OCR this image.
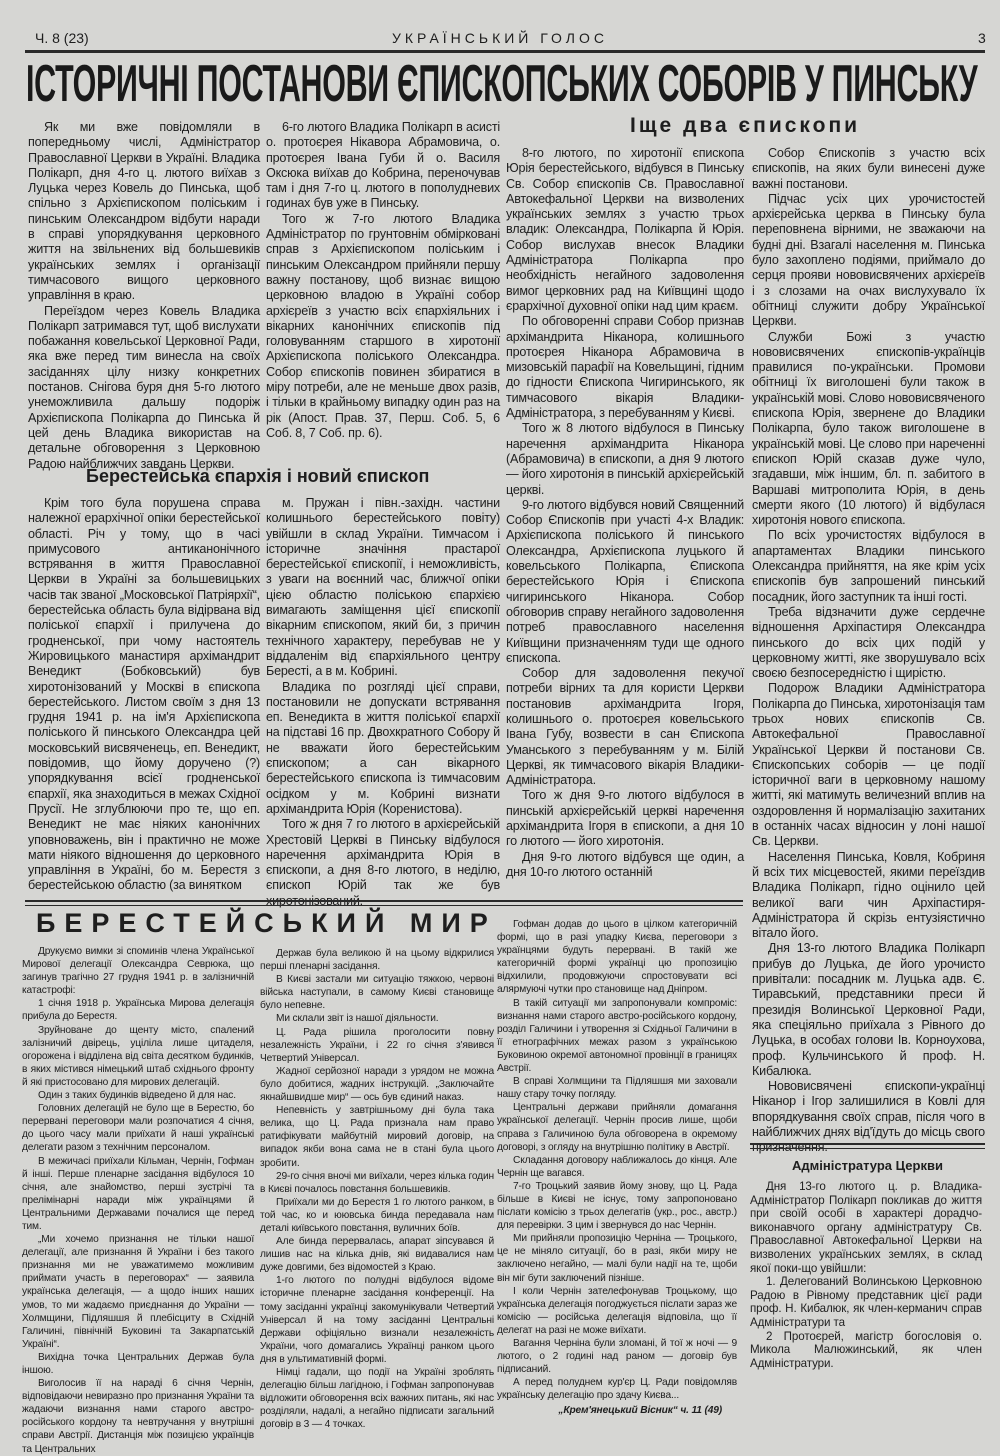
Ч. 8 (23)	УКРАЇНСЬКИЙ ГОЛОС	3
ІСТОРИЧНІ ПОСТАНОВИ ЄПИСКОПСЬКИХ СОБОРІВ У ПИНСЬКУ

Як ми вже повідомляли в попередньому числі, Адміністратор Православної Церкви в Україні. Владика Полікарп, дня 4-го ц. лютого виїхав з Луцька через Ковель до Пинська, щоб спільно з Архієпископом поліським і пинським Олександром відбути наради в справі упорядкування церковного життя на звільнених від большевиків українських землях і організації тимчасового вищого церковного управління в краю.

Переїздом через Ковель Владика Полікарп затримався тут, щоб вислухати побажання ковельської Церковної Ради, яка вже перед тим винесла на своїх засіданнях цілу низку конкретних постанов. Снігова буря дня 5-го лютого унеможливила дальшу подоріж Архієпископа Полікарпа до Пинська й цей день Владика використав на детальне обговорення з Церковною Радою найближчих завдань Церкви.

6-го лютого Владика Полікарп в асисті о. протоєрея Нікавора Абрамовича, о. протоєрея Івана Губи й о. Василя Оксюка виїхав до Кобрина, переночував там і дня 7-го ц. лютого в пополудневих годинах був уже в Пинську.

Того ж 7-го лютого Владика Адміністратор по грунтовнім обмірковані справ з Архієпископом поліським і пинським Олександром прийняли першу важну постанову, щоб визнає вищою церковною владою в Україні собор архієреїв з участю всіх єпархіяльних і вікарних канонічних єпископів під головуванням старшого в хиротонії Архієпископа поліського Олександра. Собор єпископів повинен збиратися в міру потреби, але не меньше двох разів, і тільки в крайньому випадку один раз на рік (Апост. Прав. 37, Перш. Соб. 5, 6 Соб. 8, 7 Соб. пр. 6).

Берестейська єпархія і новий єпископ

Крім того була порушена справа належної ерархічної опіки берестейської області. Річ у тому, що в часі примусового антиканонічного встрявання в життя Православної Церкви в Україні за большевицьких часів так званої „Московської Патріярхії“, берестейська область була відірвана від поліської єпархії і прилучена до гродненської, при чому настоятель Жировицького манастиря архімандрит Венедикт (Бобковський) був хиротонізований у Москві в єпископа берестейського. Листом своїм з дня 13 грудня 1941 р. на ім'я Архієпископа поліського й пинського Олександра цей московський висвяченець, еп. Венедикт, повідомив, що йому доручено (?) упорядкування всієї гродненської єпархії, яка знаходиться в межах Східної Прусії. Не зглублюючи про те, що еп. Венедикт не має ніяких канонічних уповноважень, він і практично не може мати ніякого відношення до церковного управління в Україні, бо м. Берестя з берестейською областю (за винятком

м. Пружан і півн.-західн. частини колишнього берестейського повіту) увійшли в склад України. Тимчасом і історичне значіння прастарої берестейської єпископії, і неможливість, з уваги на воєнний час, ближчої опіки цією областю поліською єпархією вимагають заміщення цієї єпископії вікарним єпископом, який би, з причин технічного характеру, перебував не у віддаленім від єпархіяльного центру Бересті, а в м. Кобрині.

Владика по розгляді цієї справи, постановили не допускати встрявання еп. Венедикта в життя поліської єпархії на підставі 16 пр. Двохкратного Собору й не вважати його берестейським єпископом; а сан вікарного берестейського єпископа із тимчасовим осідком у м. Кобрині визнати архімандрита Юрія (Коренистова).

Того ж дня 7 го лютого в архієрейській Хрестовій Церкві в Пинську відбулося наречення архімандрита Юрія в єпископи, а дня 8-го лютого, в неділю, єпископ Юрій так же був хиротонізований.

Іще два єпископи

8-го лютого, по хиротонії єпископа Юрія берестейського, відбувся в Пинську Св. Собор єпископів Св. Православної Автокефальної Церкви на визволених українських землях з участю трьох владик: Олександра, Полікарпа й Юрія. Собор вислухав внесок Владики Адміністратора Полікарпа про необхідність негайного задоволення вимог церковних рад на Київщині щодо єрархічної духовної опіки над цим краєм.

По обговоренні справи Собор признав архімандрита Нікaнора, колишнього протоєрея Нікaнора Абрамовича в мизовській парафії на Ковельщині, гідним до гідности Єпископа Чигиринського, як тимчасового вікарія Владики-Адміністратора, з перебуванням у Києві.

Того ж 8 лютого відбулося в Пинську наречення архімандрита Нікaнора (Абрамовича) в єпископи, а дня 9 лютого — його хиротонія в пинській архієрейській церкві.

9-го лютого відбувся новий Священний Собор Єпископів при участі 4-х Владик: Архієпископа поліського й пинського Олександра, Архієпископа луцького й ковельського Полікарпа, Єпископа берестейського Юрія і Єпископа чигиринського Нікaнора. Собор обговорив справу негайного задоволення потреб православного населення Київщини призначенням туди ще одного єпископа.

Собор для задоволення пекучої потреби вірних та для користи Церкви постановив архімандрита Ігоря, колишнього о. протоєрея ковельського Івана Губу, возвести в сан Єпископа Уманського з перебуванням у м. Білій Церкві, як тимчасового вікарія Владики-Адміністратора.

Того ж дня 9-го лютого відбулося в пинській архієрейській церкві наречення архімандрита Ігоря в єпископи, а дня 10 го лютого — його хиротонія.

Дня 9-го лютого відбувся ще один, а дня 10-го лютого останній

Собор Єпископів з участю всіх єпископів, на яких були винесені дуже важні постанови.

Підчас усіх цих урочистостей архієрейська церква в Пинську була переповнена вірними, не зважаючи на будні дні. Взагалі населення м. Пинська було захоплено подіями, приймало до серця прояви нововисвячених архієреїв і з слозами на очах вислухувало їх обітниці служити добру Української Церкви.

Служби Божі з участю нововисвячених єпископів-українців правилися по-українськи. Промови обітниці їх виголошені були також в українській мові. Слово нововисвяченого єпископа Юрія, звернене до Владики Полікарпа, було також виголошене в українській мові. Це слово при нареченні єпископ Юрій сказав дуже чуло, згадавши, між іншим, бл. п. забитого в Варшаві митрополита Юрія, в день смерти якого (10 лютого) й відбулася хиротонія нового єпископа.

По всіх урочистостях відбулося в апартаментах Владики пинського Олександра прийняття, на яке крім усіх єпископів був запрошений пинський посадник, його заступник та інші гості.

Треба відзначити дуже сердечне відношення Архіпастиря Олександра пинського до всіх цих подій у церковному житті, яке зворушувало всіх своєю безпосередністю і щирістю.

Подорож Владики Адміністратора Полікарпа до Пинська, хиротонізація там трьох нових єпископів Св. Автокефальної Православної Української Церкви й постанови Св. Єпископських соборів — це події історичної ваги в церковному нашому житті, які матимуть величезний вплив на оздоровлення й нормалізацію захитаних в останніх часах відносин у лоні нашої Св. Церкви.

Населення Пинська, Ковля, Кобриня й всіх тих місцевостей, якими переїздив Владика Полікарп, гідно оцінило цей великої ваги чин Архіпастиря-Адміністратора й скрізь ентузіястично вітало його.

Дня 13-го лютого Владика Полікарп прибув до Луцька, де його урочисто привітали: посадник м. Луцька адв. Є. Тиравський, представники преси й президія Волинської Церковної Ради, яка спеціяльно приїхала з Рівного до Луцька, в особах голови Ів. Корноухова, проф. Кульчинського й проф. Н. Кибалюка.

Нововисвячені єпископи-українці Нікaнор і Ігор залишилися в Ковлі для впорядкування своїх справ, після чого в найближчих днях від'їдуть до місць свого призначення.

БЕРЕСТЕЙСЬКИЙ МИР

Друкуємо вимки зі споминів члена Української Мирової делегації Олександра Севрюка, що загинув трагічно 27 грудня 1941 р. в залізничній катастрофі:

1 січня 1918 р. Українська Мирова делегація прибула до Берестя.

Зруйноване до щенту місто, спалений залізничий двірець, уціліла лише цитаделя, огорожена і відділена від світа десятком будинків, в яких містився німецький штаб східнього фронту й які пристосовано для мирових делегацій.

Один з таких будинків відведено й для нас.

Головних делегацій не було ще в Берестю, бо перервані переговори мали розпочатися 4 січня, до цього часу мали приїхати й наші українські делегати разом з технічним персоналом.

В межичасі приїхали Кільман, Чернін, Гофман й інші. Перше пленарне засідання відбулося 10 січня, але знайомство, перші зустрічі та прелімінарні наради між українцями й Центральними Державами почалися ще перед тим.

„Ми хочемо признання не тільки нашої делегації, але признання й України і без такого признання ми не уважатимемо можливим приймати участь в переговорах“ — заявила українська делегація, — а щодо інших наших умов, то ми жадаємо приєднання до України — Холмщини, Підляшшя й плебісциту в Східній Галичині, північній Буковині та Закарпатській Україні“.

Вихідна точка Центральних Держав була іншою.

Виголосив її на нараді 6 січня Чернін, відповідаючи невиразно про признання України та жадаючи визнання нами старого австро-російського кордону та невтручання у внутрішні справи Австрії. Дистанція між позицією українців та Центральних

Держав була великою й на цьому відкрилися перші пленарні засідання.

В Києві застали ми ситуацію тяжкою, червоні війська наступали, в самому Києві становище було непевне.

Ми склали звіт із нашої діяльности.

Ц. Рада рішила проголосити повну незалежність України, і 22 го січня з'явився Четвертий Універсал.

Жадної серйозної наради з урядом не можна було добитися, жадних інструкцій. „Заключайте якнайшвидше мир“ — ось був єдиний наказ.

Непевність у завтрішньому дні була така велика, що Ц. Рада признала нам право ратифікувати майбутній мировий договір, на випадок якби вона сама не в стані була цього зробити.

29-го січня вночі ми виїхали, через кілька годин в Києві почалось повстання большевиків.

Приїхали ми до Берестя 1 го лютого ранком, в той час, ко и юювська бинда передавала нам деталі київського повстання, вуличних боїв.

Але бинда перервалась, апарат зіпсувався й лишив нас на кілька днів, які видавалися нам дуже довгими, без відомостей з Краю.

1-го лютого по полудні відбулося відоме історичне пленарне засідання конференції. На тому засіданні українці закомунікували Четвертий Універсал й на тому засіданні Центральні Держави офіціяльно визнали незалежність України, чого домагались Українці ранком цього дня в ультимативній формі.

Німці гадали, що події на Україні зроблять делегацію більш лагідною, і Гофман запропонував відложити обговорення всіх важних питань, які нас розділяли, надалі, а негайно підписати загальний договір в 3 — 4 точках.

Гофман додав до цього в цілком категоричній формі, що в разі упадку Києва, переговори з українцями будуть перервані. В такій же категоричній формі українці цю пропозицію відхилили, продовжуючи спростовувати всі алярмуючі чутки про становище над Дніпром.

В такій ситуації ми запропонували компроміс: визнання нами старого австро-російського кордону, розділ Галичини і утворення зі Східньої Галичини в її етнографічних межах разом з українською Буковиною окремої автономної провінції в границях Австрії.

В справі Холмщини та Підляшшя ми заховали нашу стару точку погляду.

Центральні держави прийняли домагання української делегації. Чернін просив лише, щоби справа з Галичиною була обговорена в окремому договорі, з огляду на внутрішню політику в Австрії.

Складання договору наближалось до кінця. Але Чернін ще вагався.

7-го Троцький заявив йому знову, що Ц. Рада більше в Києві не існує, тому запропоновано післати комісію з трьох делегатів (укр., рос., австр.) для перевірки. З цим і звернувся до нас Чернін.

Ми прийняли пропозицію Черніна — Троцького, це не міняло ситуації, бо в разі, якби миру не заключено негайно, — малі були надії на те, щоби він міг бути заключений пізніше.

І коли Чернін зателефонував Троцькому, що українська делегація погоджується післати зараз же комісію — російська делегація відповіла, що її делегат на разі не може виїхати.

Вагання Черніна були зломані, й тої ж ночі — 9 лютого, о 2 годині над раном — договір був підписаний.

А перед полуднем кур'єр Ц. Ради повідомляв українську делегацію про здачу Києва...

„Крем'янецький Вісник“ ч. 11 (49)
Адміністратура Церкви

Дня 13-го лютого ц. р. Владика-Адміністратор Полікарп покликав до життя при своїй особі в характері дорадчо-виконавчого органу адміністратуру Св. Православної Автокефальної Церкви на визволених українських землях, в склад якої поки-що увійшли:

1. Делегований Волинською Церковною Радою в Рівному представник цієї ради проф. Н. Кибалюк, як член-керманич справ Адміністратури та

2 Протоєрей, магістр богословія о. Микола Малюжинський, як член Адміністратури.
